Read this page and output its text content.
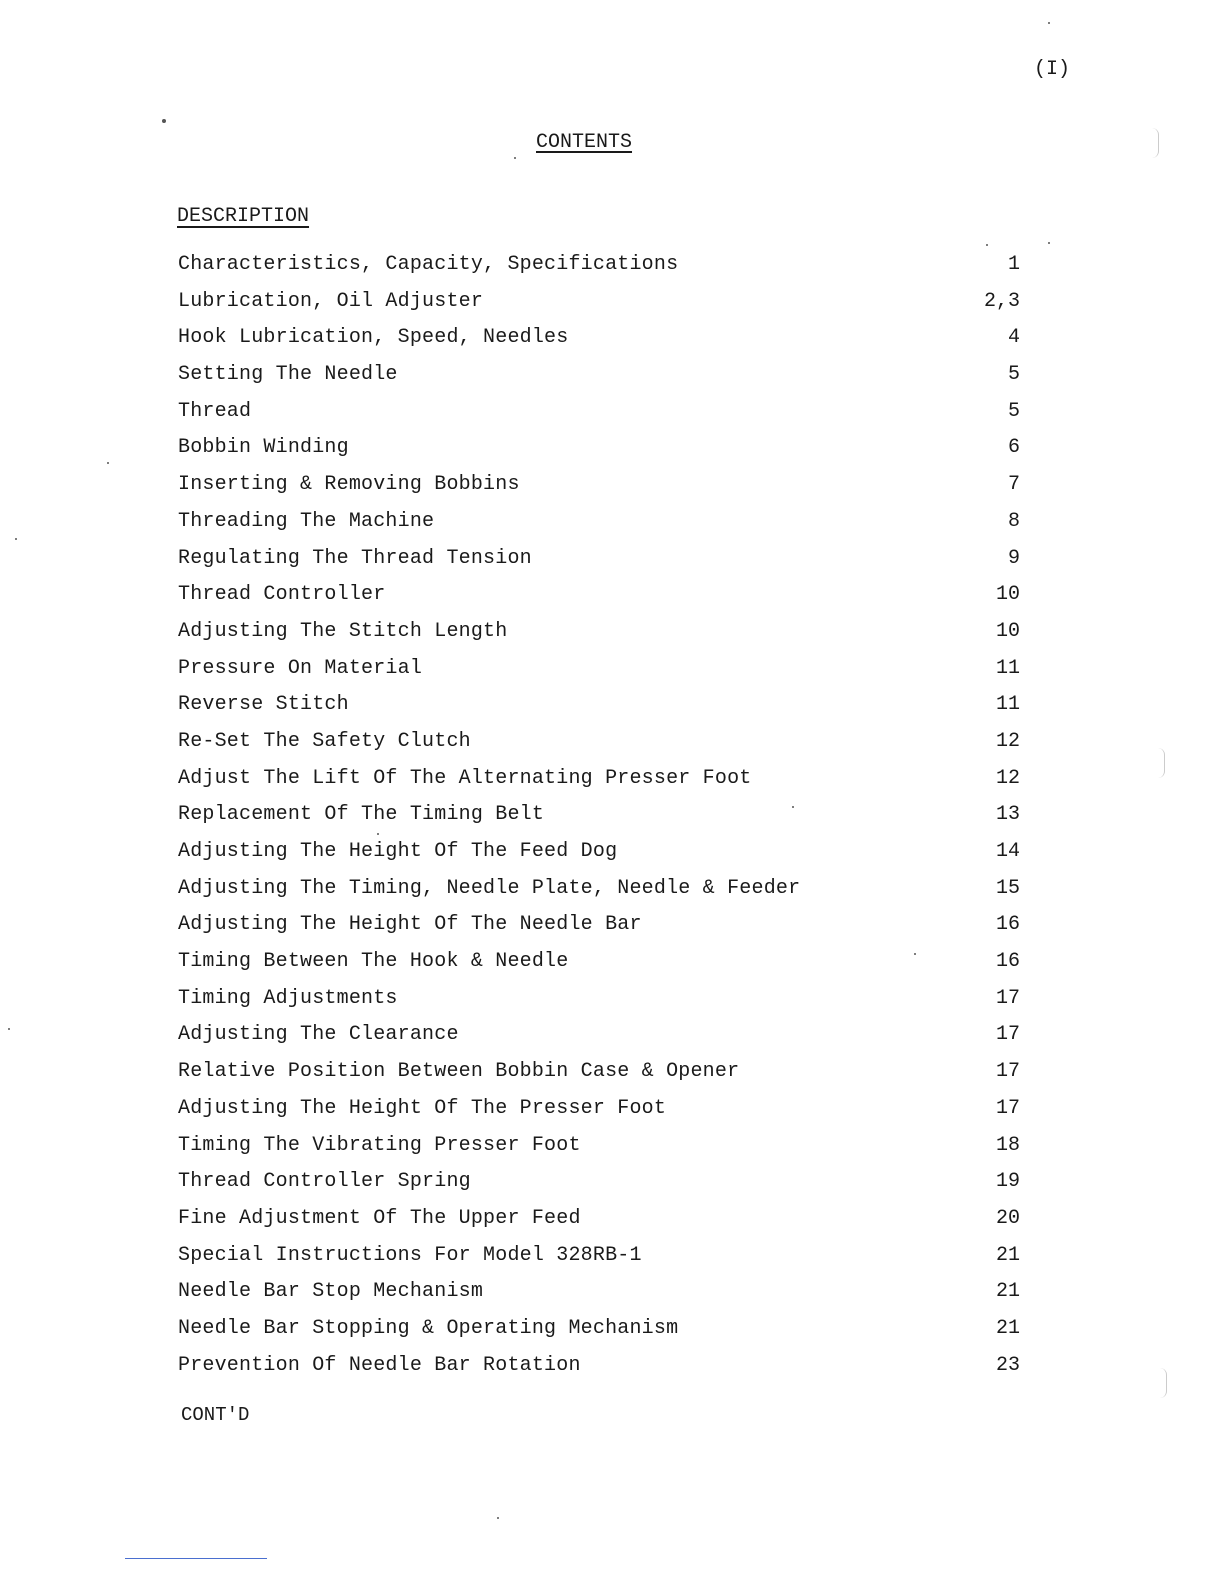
(I)
CONTENTS
DESCRIPTION
Characteristics, Capacity, Specifications	1
Lubrication, Oil Adjuster	2,3
Hook Lubrication, Speed, Needles	4
Setting The Needle	5
Thread	5
Bobbin Winding	6
Inserting & Removing Bobbins	7
Threading The Machine	8
Regulating The Thread Tension	9
Thread Controller	10
Adjusting The Stitch Length	10
Pressure On Material	11
Reverse Stitch	11
Re-Set The Safety Clutch	12
Adjust The Lift Of The Alternating Presser Foot	12
Replacement Of The Timing Belt	13
Adjusting The Height Of The Feed Dog	14
Adjusting The Timing, Needle Plate, Needle & Feeder	15
Adjusting The Height Of The Needle Bar	16
Timing Between The Hook & Needle	16
Timing Adjustments	17
Adjusting The Clearance	17
Relative Position Between Bobbin Case & Opener	17
Adjusting The Height Of The Presser Foot	17
Timing The Vibrating Presser Foot	18
Thread Controller Spring	19
Fine Adjustment Of The Upper Feed	20
Special Instructions For Model 328RB-1	21
Needle Bar Stop Mechanism	21
Needle Bar Stopping & Operating Mechanism	21
Prevention Of Needle Bar Rotation	23
CONT'D
